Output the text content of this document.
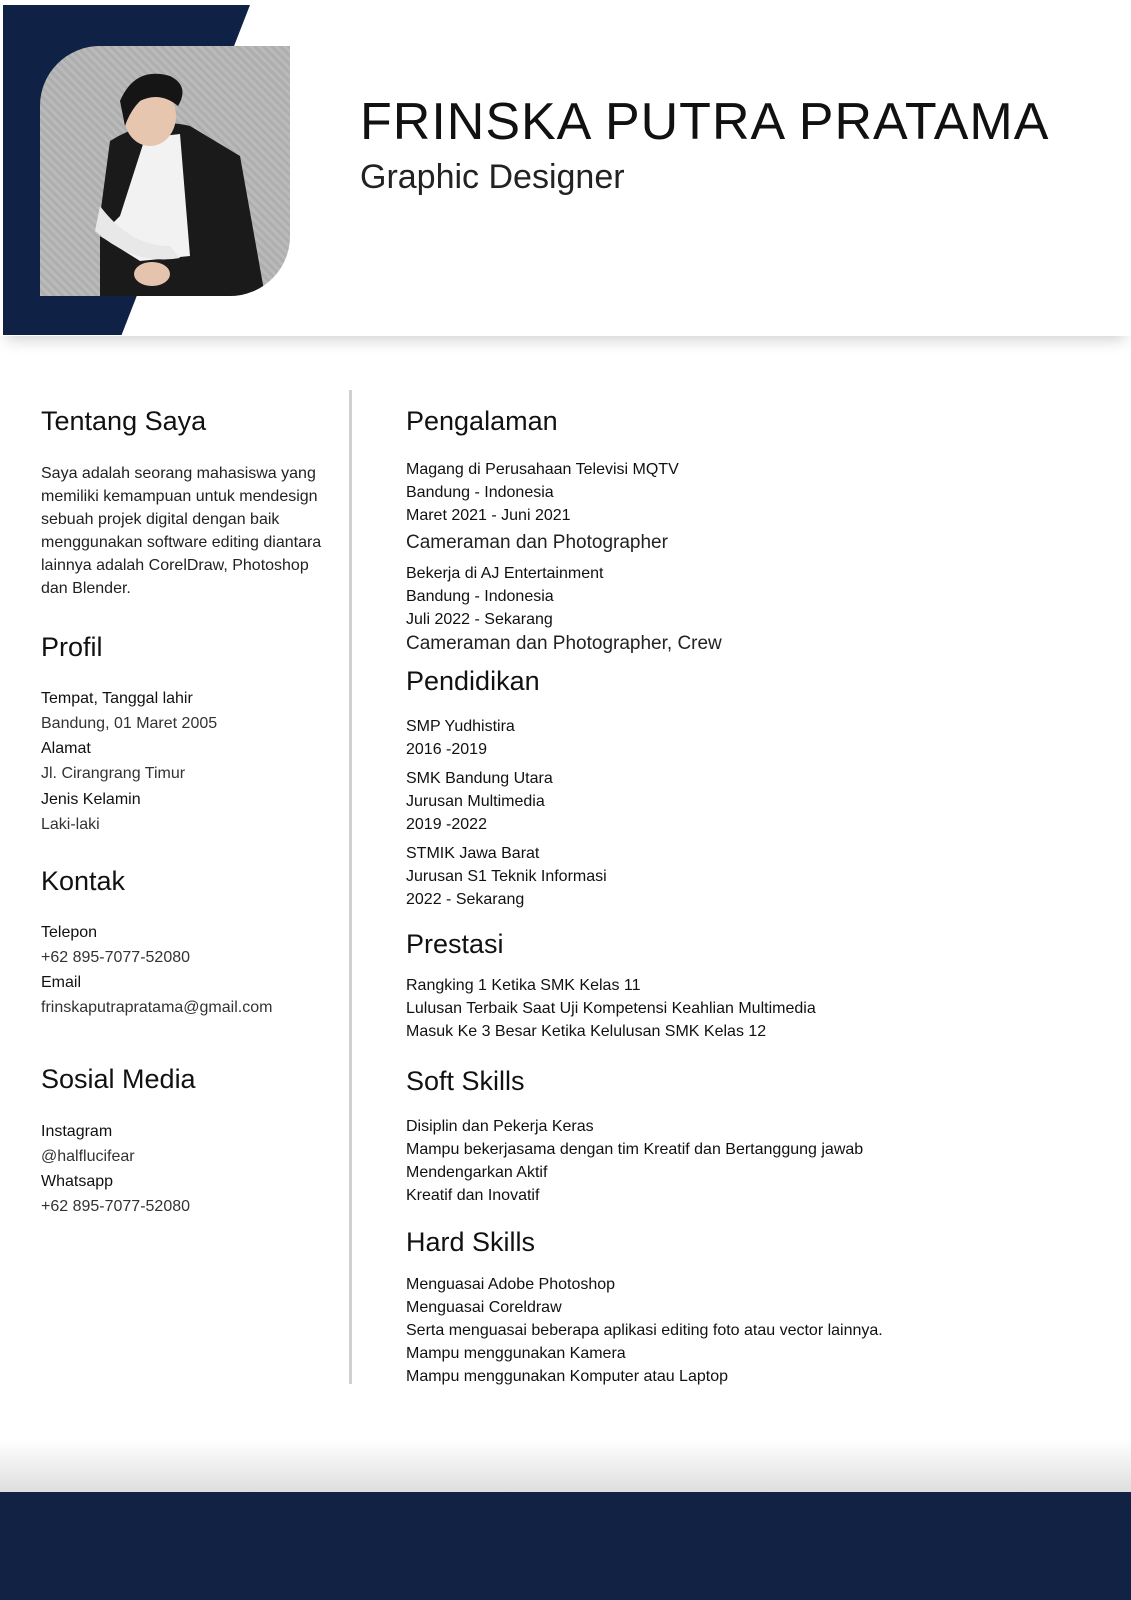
FRINSKA PUTRA PRATAMA
Graphic Designer
Tentang Saya
Saya adalah seorang mahasiswa yang memiliki kemampuan untuk mendesign sebuah projek digital dengan baik menggunakan software editing diantara lainnya adalah CorelDraw, Photoshop dan Blender.
Profil
Tempat, Tanggal lahir
Bandung, 01 Maret 2005
Alamat
Jl. Cirangrang Timur
Jenis Kelamin
Laki-laki
Kontak
Telepon
+62 895-7077-52080
Email
frinskaputrapratama@gmail.com
Sosial Media
Instagram
@halflucifear
Whatsapp
+62 895-7077-52080
Pengalaman
Magang di Perusahaan Televisi MQTV
Bandung - Indonesia
Maret 2021 - Juni 2021
Cameraman dan Photographer
Bekerja di AJ Entertainment
Bandung - Indonesia
Juli 2022 - Sekarang
Cameraman dan Photographer, Crew
Pendidikan
SMP Yudhistira
2016 -2019
SMK Bandung Utara
Jurusan Multimedia
2019 -2022
STMIK Jawa Barat
Jurusan S1 Teknik Informasi
2022 - Sekarang
Prestasi
Rangking 1 Ketika SMK Kelas 11
Lulusan Terbaik Saat Uji Kompetensi Keahlian Multimedia
Masuk Ke 3 Besar Ketika Kelulusan SMK Kelas 12
Soft Skills
Disiplin dan Pekerja Keras
Mampu bekerjasama dengan tim Kreatif dan Bertanggung jawab
Mendengarkan Aktif
Kreatif dan Inovatif
Hard Skills
Menguasai Adobe Photoshop
Menguasai Coreldraw
Serta menguasai beberapa aplikasi editing foto atau vector lainnya.
Mampu menggunakan Kamera
Mampu menggunakan Komputer atau Laptop
